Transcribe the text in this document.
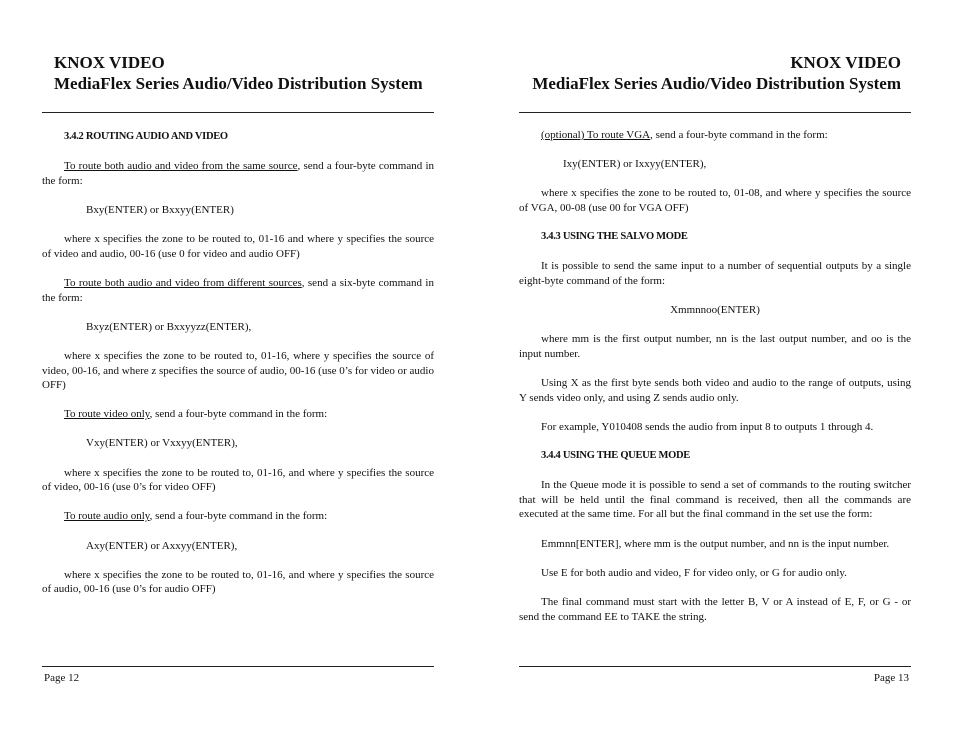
KNOX VIDEO
MediaFlex Series Audio/Video Distribution System

3.4.2 ROUTING AUDIO AND VIDEO

To route both audio and video from the same source, send a four-byte command in the form:

Bxy(ENTER) or Bxxyy(ENTER)

where x specifies the zone to be routed to, 01-16 and where y specifies the source of video and audio, 00-16 (use 0 for video and audio OFF)

To route both audio and video from different sources, send a six-byte command in the form:

Bxyz(ENTER) or Bxxyyzz(ENTER),

where x specifies the zone to be routed to, 01-16, where y specifies the source of video, 00-16, and where z specifies the source of audio, 00-16 (use 0’s for video or audio OFF)

To route video only, send a four-byte command in the form:

Vxy(ENTER) or Vxxyy(ENTER),

where x specifies the zone to be routed to, 01-16, and where y specifies the source of video, 00-16 (use 0’s for video OFF)

To route audio only, send a four-byte command in the form:

Axy(ENTER) or Axxyy(ENTER),

where x specifies the zone to be routed to, 01-16, and where y specifies the source of audio, 00-16 (use 0’s for audio OFF)

Page 12
KNOX VIDEO
MediaFlex Series Audio/Video Distribution System

(optional) To route VGA, send a four-byte command in the form:

Ixy(ENTER) or Ixxyy(ENTER),

where x specifies the zone to be routed to, 01-08, and where y specifies the source of VGA, 00-08 (use 00 for VGA OFF)

3.4.3 USING THE SALVO MODE

It is possible to send the same input to a number of sequential outputs by a single eight-byte command of the form:

Xmmnnoo(ENTER)

where mm is the first output number, nn is the last output number, and oo is the input number.

Using X as the first byte sends both video and audio to the range of outputs, using Y sends video only, and using Z sends audio only.

For example, Y010408 sends the audio from input 8 to outputs 1 through 4.

3.4.4 USING THE QUEUE MODE

In the Queue mode it is possible to send a set of commands to the routing switcher that will be held until the final command is received, then all the commands are executed at the same time. For all but the final command in the set use the form:

Emmnn[ENTER], where mm is the output number, and nn is the input number.

Use E for both audio and video, F for video only, or G for audio only.

The final command must start with the letter B, V or A instead of E, F, or G - or send the command EE to TAKE the string.

Page 13
